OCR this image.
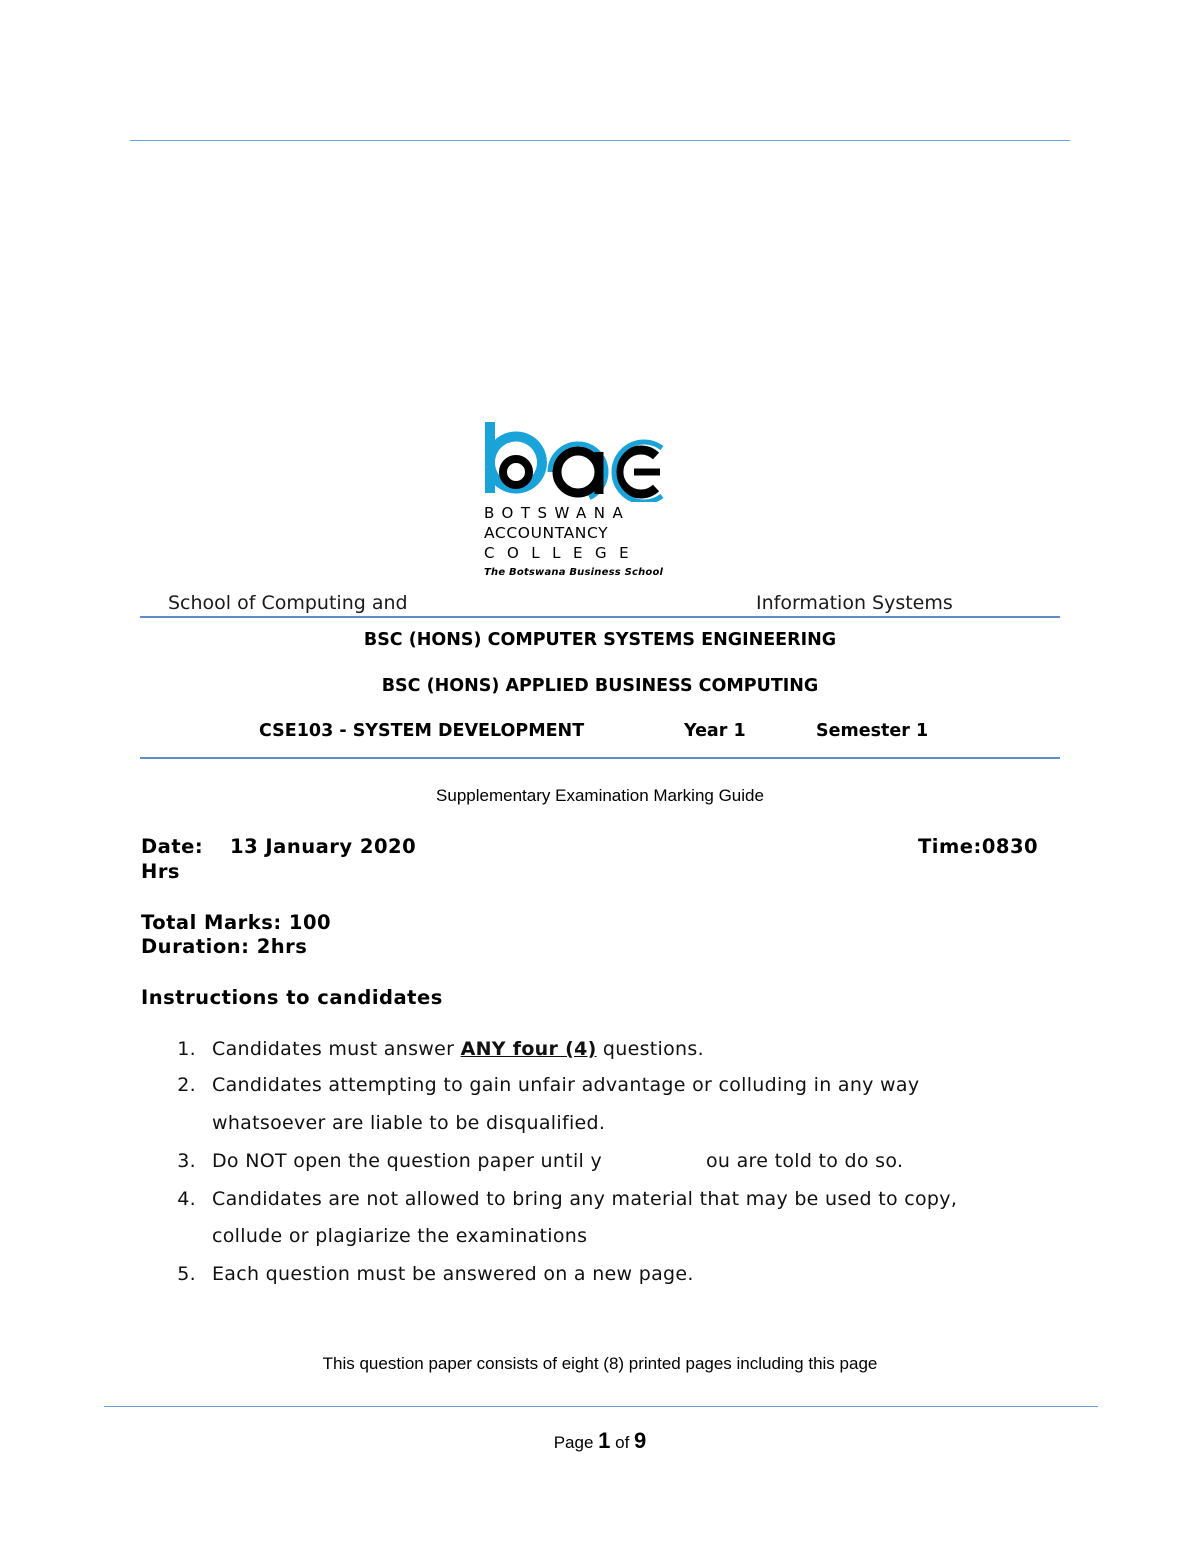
BOTSWANA
ACCOUNTANCY
COLLEGE
The Botswana Business School
School of Computing and	Information Systems
BSC (HONS) COMPUTER SYSTEMS ENGINEERING
BSC (HONS) APPLIED BUSINESS COMPUTING
CSE103 - SYSTEM DEVELOPMENT	Year 1	Semester 1
Supplementary Examination Marking Guide
Date: 13 January 2020	Time:0830
Hrs
Total Marks: 100
Duration: 2hrs
Instructions to candidates
1. Candidates must answer ANY four (4) questions.
2. Candidates attempting to gain unfair advantage or colluding in any way
whatsoever are liable to be disqualified.
3. Do NOT open the question paper until y	ou are told to do so.
4. Candidates are not allowed to bring any material that may be used to copy,
collude or plagiarize the examinations
5. Each question must be answered on a new page.
This question paper consists of eight (8) printed pages including this page
Page 1 of 9
